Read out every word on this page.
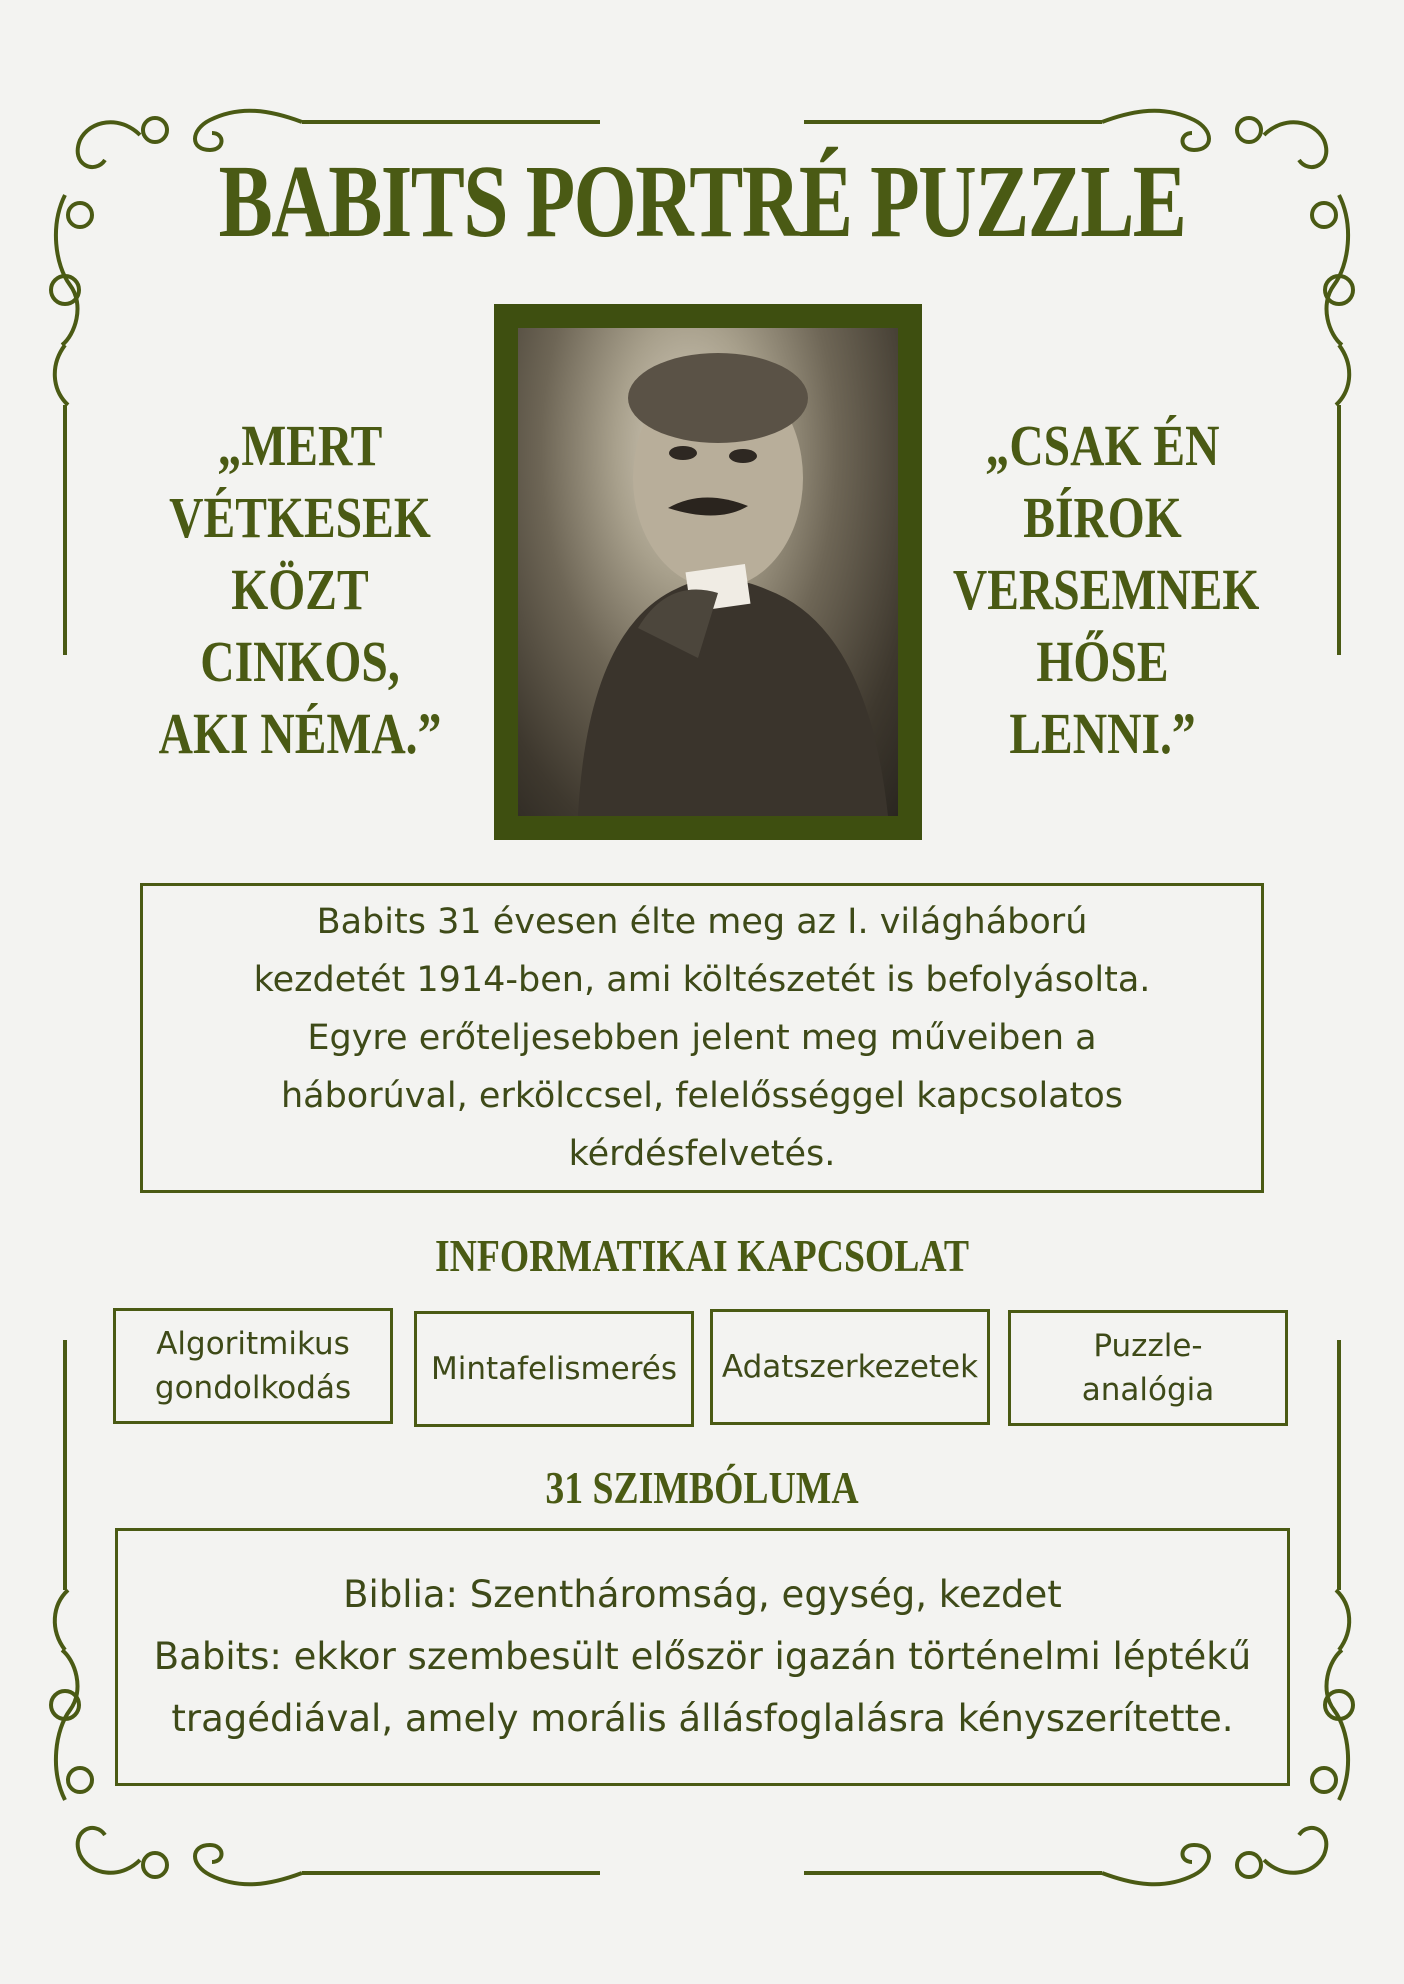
BABITS PORTRÉ PUZZLE
„MERT
VÉTKESEK
KÖZT CINKOS,
AKI NÉMA.”
„CSAK ÉN
BÍROK
VERSEMNEK
HŐSE LENNI.”
Babits 31 évesen élte meg az I. világháború
kezdetét 1914-ben, ami költészetét is befolyásolta.
Egyre erőteljesebben jelent meg műveiben a
háborúval, erkölccsel, felelősséggel kapcsolatos
kérdésfelvetés.
INFORMATIKAI KAPCSOLAT
Algoritmikus
gondolkodás
Mintafelismerés Adatszerkezetek
Puzzle-
analógia
31 SZIMBÓLUMA
Biblia: Szentháromság, egység, kezdet
Babits: ekkor szembesült először igazán történelmi léptékű
tragédiával, amely morális állásfoglalásra kényszerítette.
